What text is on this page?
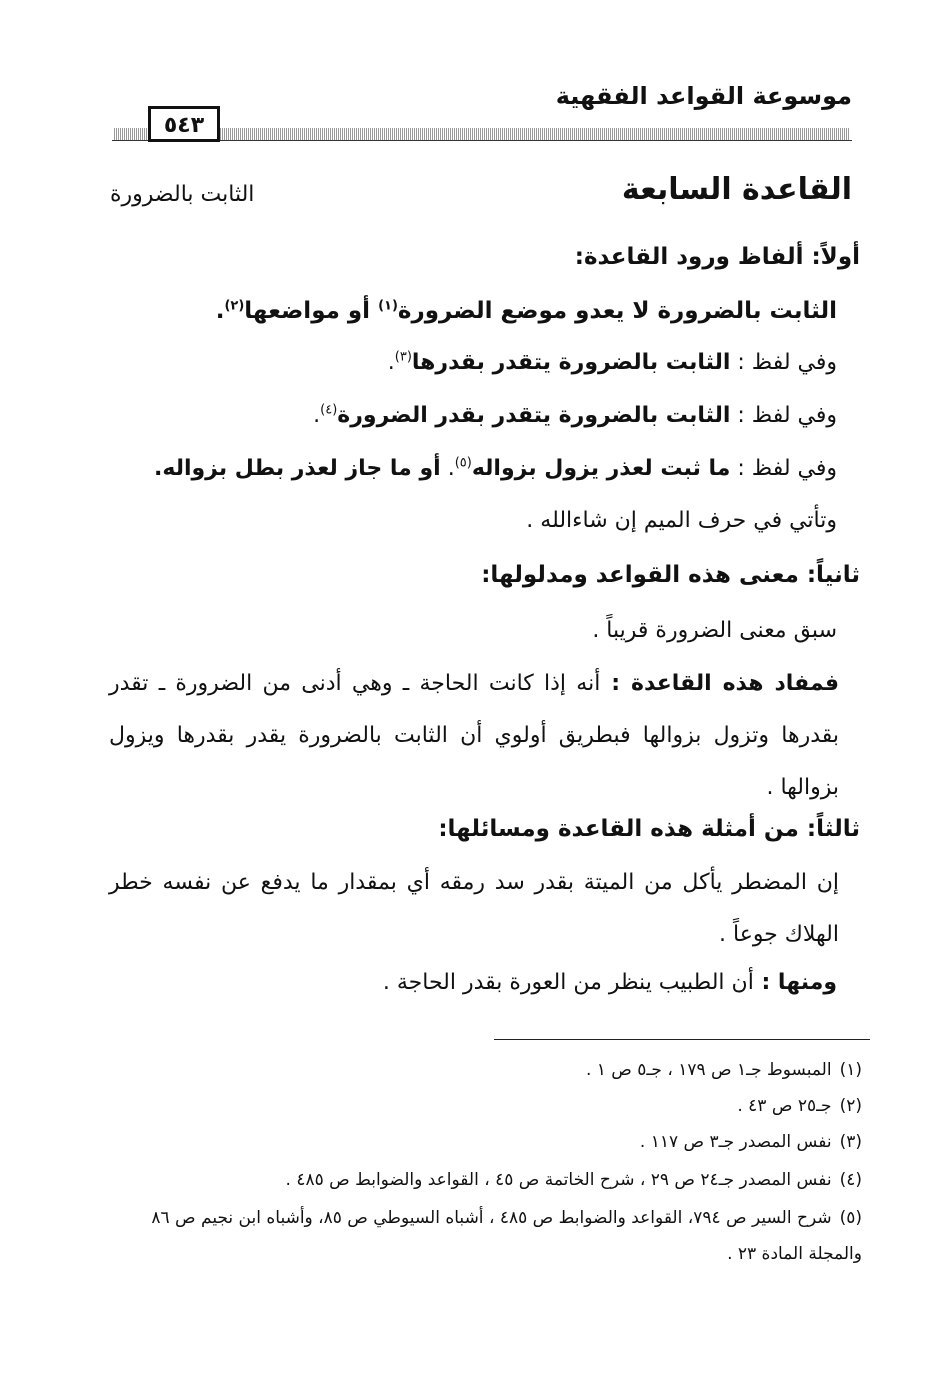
موسوعة القواعد الفقهية
٥٤٣
القاعدة السابعة
الثابت بالضرورة
أولاً: ألفاظ ورود القاعدة:
الثابت بالضرورة لا يعدو موضع الضرورة$^{(١)}$ أو مواضعها$^{(٢)}$.
وفي لفظ : الثابت بالضرورة يتقدر بقدرها$^{(٣)}$.
وفي لفظ : الثابت بالضرورة يتقدر بقدر الضرورة$^{(٤)}$.
وفي لفظ : ما ثبت لعذر يزول بزواله$^{(٥)}$. أو ما جاز لعذر بطل بزواله.
وتأتي في حرف الميم إن شاءالله .
ثانياً: معنى هذه القواعد ومدلولها:
سبق معنى الضرورة قريباً .
فمفاد هذه القاعدة : أنه إذا كانت الحاجة ـ وهي أدنى من الضرورة ـ تقدر بقدرها وتزول بزوالها فبطريق أولوي أن الثابت بالضرورة يقدر بقدرها ويزول بزوالها .
ثالثاً: من أمثلة هذه القاعدة ومسائلها:
إن المضطر يأكل من الميتة بقدر سد رمقه أي بمقدار ما يدفع عن نفسه خطر الهلاك جوعاً .
ومنها : أن الطبيب ينظر من العورة بقدر الحاجة .
(١)المبسوط جـ١ ص ١٧٩ ، جـ٥ ص ١ .
(٢)جـ٢٥ ص ٤٣ .
(٣)نفس المصدر جـ٣ ص ١١٧ .
(٤)نفس المصدر جـ٢٤ ص ٢٩ ، شرح الخاتمة ص ٤٥ ، القواعد والضوابط ص ٤٨٥ .
(٥)شرح السير ص ٧٩٤، القواعد والضوابط ص ٤٨٥ ، أشباه السيوطي ص ٨٥، وأشباه ابن نجيم ص ٨٦ والمجلة المادة ٢٣ .
